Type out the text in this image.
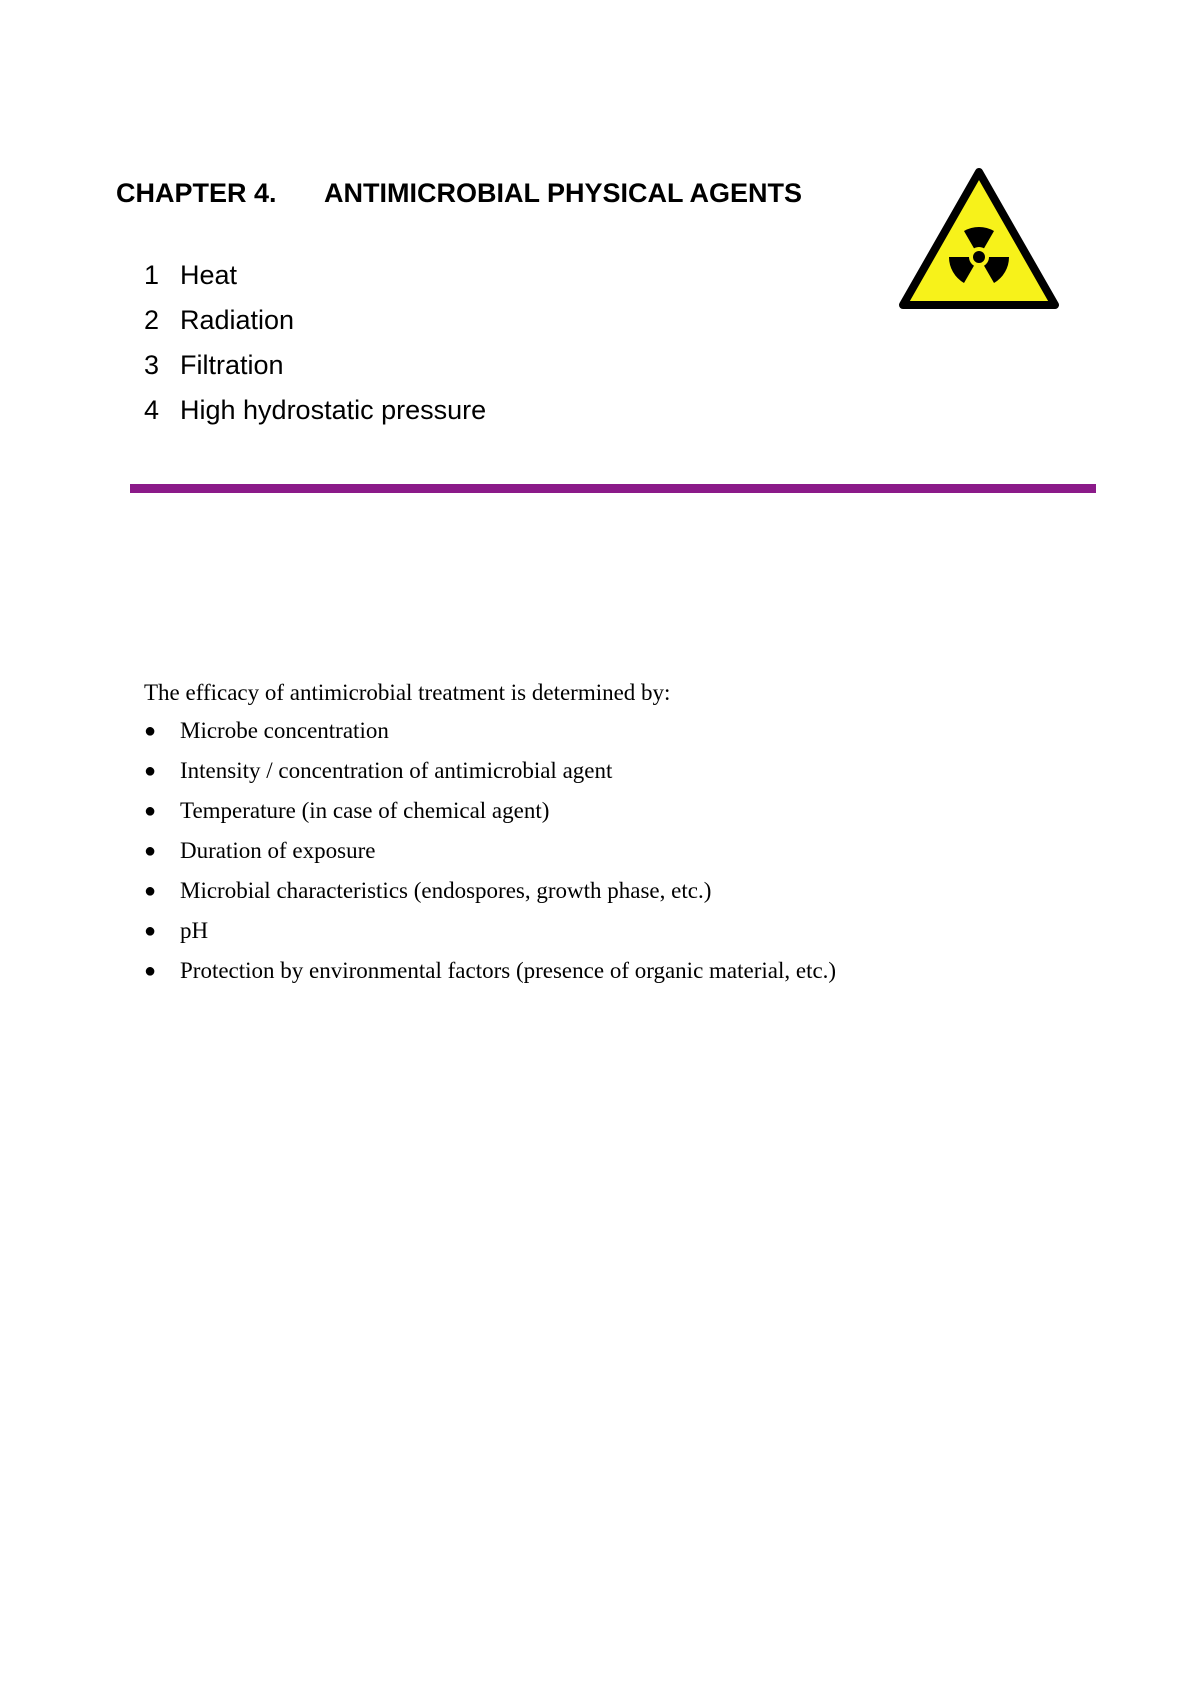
CHAPTER 4. ANTIMICROBIAL PHYSICAL AGENTS
1 Heat
2 Radiation
3 Filtration
4 High hydrostatic pressure
The efficacy of antimicrobial treatment is determined by:
● Microbe concentration
● Intensity / concentration of antimicrobial agent
● Temperature (in case of chemical agent)
● Duration of exposure
● Microbial characteristics (endospores, growth phase, etc.)
● pH
● Protection by environmental factors (presence of organic material, etc.)
